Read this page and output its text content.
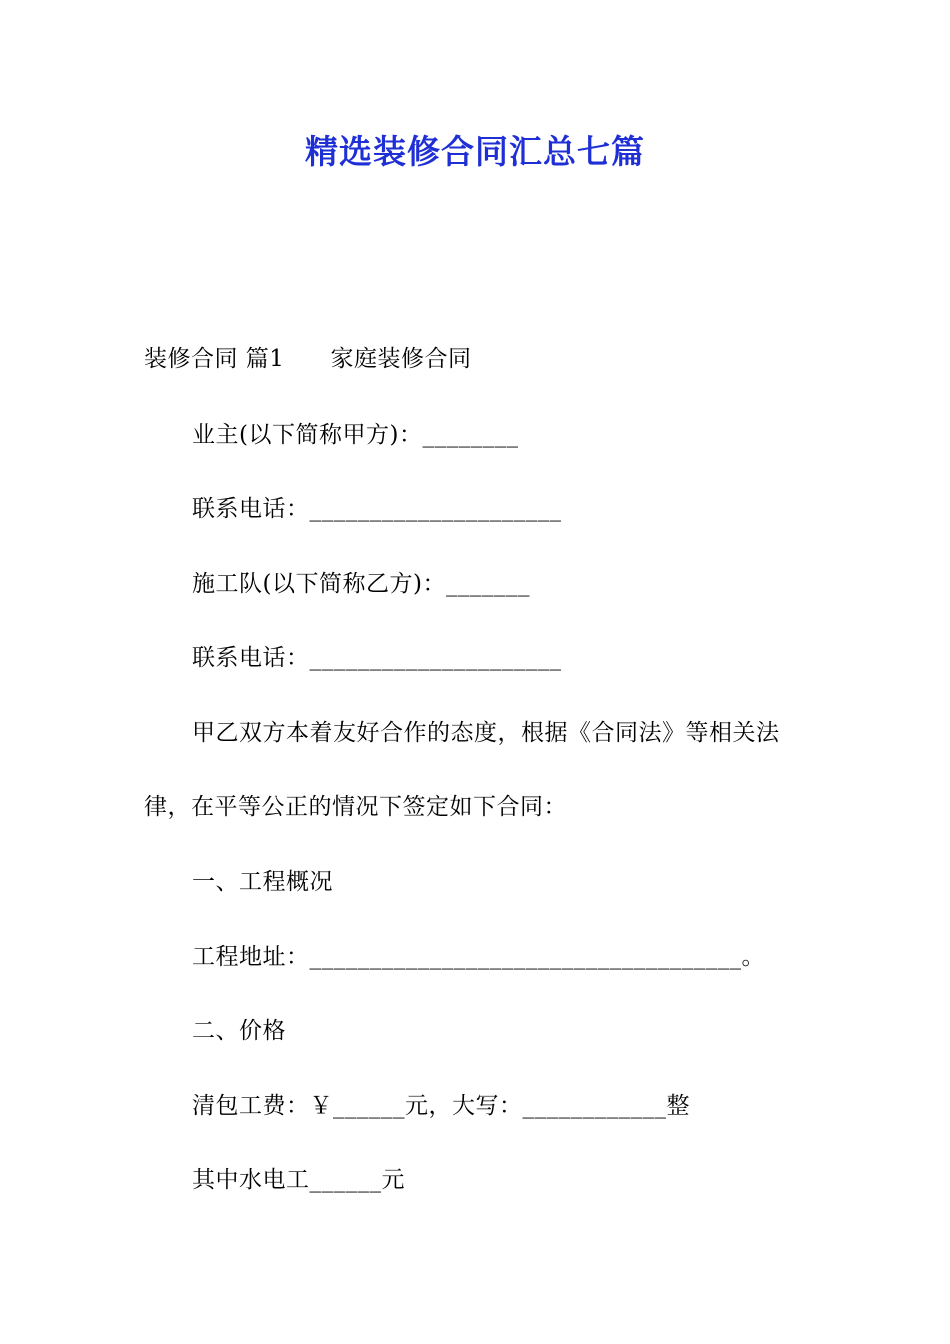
精选装修合同汇总七篇
装修合同 篇1 家庭装修合同
业主(以下简称甲方)：________
联系电话：_____________________
施工队(以下简称乙方)：_______
联系电话：_____________________
甲乙双方本着友好合作的态度，根据《合同法》等相关法
律，在平等公正的情况下签定如下合同：
一、工程概况
工程地址：____________________________________。
二、价格
清包工费：￥______元，大写：____________整
其中水电工______元
